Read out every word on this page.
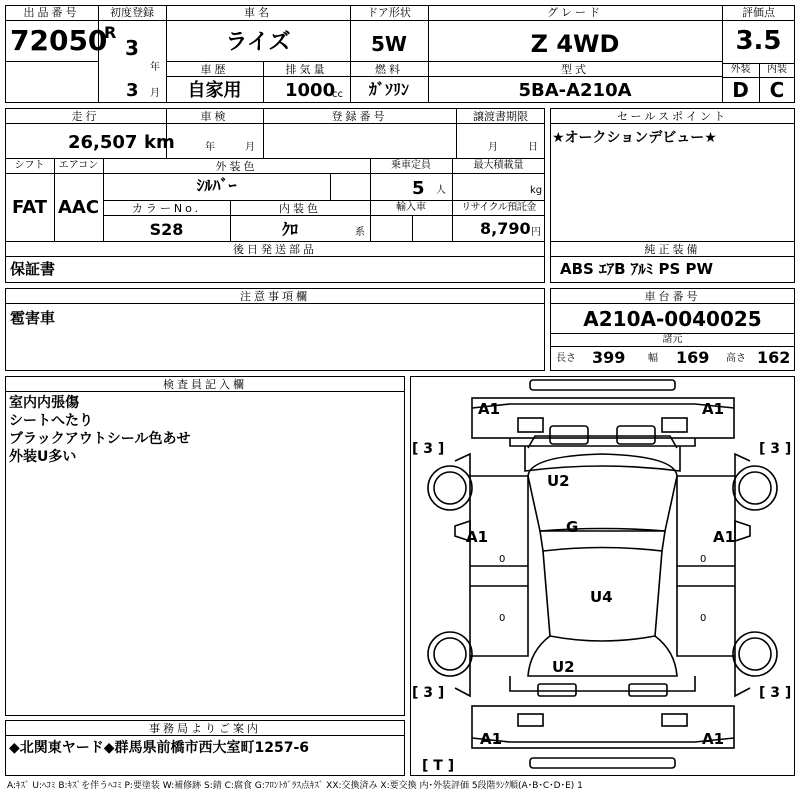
出品番号
72050
初度登録
R
3
年
3 月
車名
ライズ
車歴
自家用
排気量
1000
cc
ドア形状
5W
燃料
ｶﾞｿﾘﾝ
グレード
Z 4WD
型式
5BA-A210A
評価点
3.5
外装
D
内装
C
走行
26,507 km
車検
年	月
登録番号	譲渡書期限
月	日
シフト
FAT
エアコン
AAC
外装色
ｼﾙﾊﾞｰ
乗車定員
5 人
最大積載量
kg
カラーNo.
S28
内装色
ｸﾛ	系
輸入車	リサイクル預託金
8,790 円
後日発送部品
保証書
セールスポイント
★オークションデビュー★
純正装備
ABS ｴｱB ｱﾙﾐ PS PW
注意事項欄
雹害車
車台番号
A210A-0040025
諸元
長さ 399 幅 169 高さ 162
検査員記入欄
室内内張傷
シートへたり
ブラックアウトシール色あせ
外装U多い
事務局よりご案内
◆北関東ヤード◆群馬県前橋市西大室町1257-6
A1	A1
U2
G
A1	A1
U4
U2
A1	A1
[ 3 ]	[ 3 ]
[ 3 ]	[ 3 ]
[ T ]
0	0
0	0
A:ｷｽﾞ U:ﾍｺﾐ B:ｷｽﾞを伴うﾍｺﾐ P:要塗装 W:補修跡 S:錆 C:腐食 G:ﾌﾛﾝﾄｶﾞﾗｽ点ｷｽﾞ XX:交換済み X:要交換 内･外装評価 5段階ﾗﾝｸ順(A･B･C･D･E) 1
